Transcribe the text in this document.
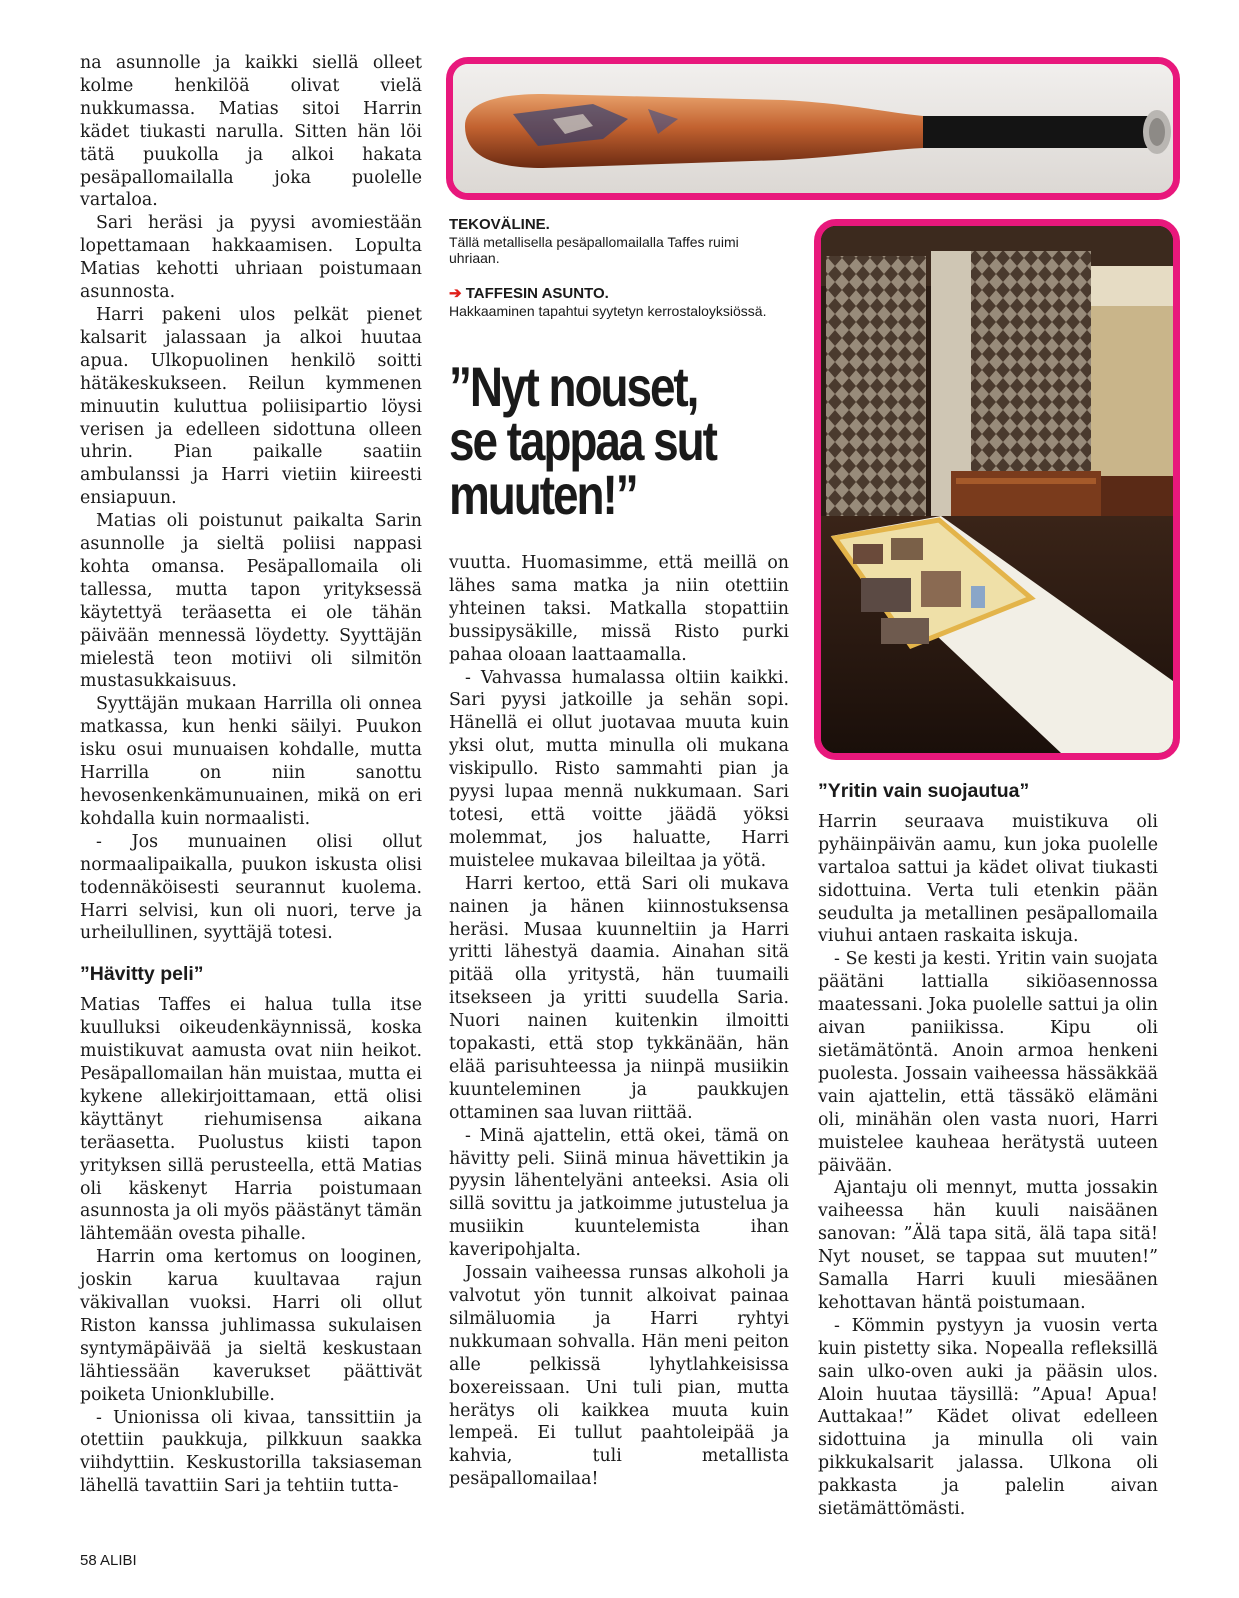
na asunnolle ja kaikki siellä olleet kolme henkilöä olivat vielä nukkumassa. Matias sitoi Harrin kädet tiukasti narulla. Sitten hän löi tätä puukolla ja alkoi hakata pesäpallomailalla joka puolelle vartaloa.

Sari heräsi ja pyysi avomiestään lopettamaan hakkaamisen. Lopulta Matias kehotti uhriaan poistumaan asunnosta.

Harri pakeni ulos pelkät pienet kalsarit jalassaan ja alkoi huutaa apua. Ulkopuolinen henkilö soitti hätäkeskukseen. Reilun kymmenen minuutin kuluttua poliisipartio löysi verisen ja edelleen sidottuna olleen uhrin. Pian paikalle saatiin ambulanssi ja Harri vietiin kiireesti ensiapuun.

Matias oli poistunut paikalta Sarin asunnolle ja sieltä poliisi nappasi kohta omansa. Pesäpallomaila oli tallessa, mutta tapon yrityksessä käytettyä teräasetta ei ole tähän päivään mennessä löydetty. Syyttäjän mielestä teon motiivi oli silmitön mustasukkaisuus.

Syyttäjän mukaan Harrilla oli onnea matkassa, kun henki säilyi. Puukon isku osui munuaisen kohdalle, mutta Harrilla on niin sanottu hevosenkenkämunuainen, mikä on eri kohdalla kuin normaalisti.

- Jos munuainen olisi ollut normaalipaikalla, puukon iskusta olisi todennäköisesti seurannut kuolema. Harri selvisi, kun oli nuori, terve ja urheilullinen, syyttäjä totesi.

”Hävitty peli”

Matias Taffes ei halua tulla itse kuulluksi oikeudenkäynnissä, koska muistikuvat aamusta ovat niin heikot. Pesäpallomailan hän muistaa, mutta ei kykene allekirjoittamaan, että olisi käyttänyt riehumisensa aikana teräasetta. Puolustus kiisti tapon yrityksen sillä perusteella, että Matias oli käskenyt Harria poistumaan asunnosta ja oli myös päästänyt tämän lähtemään ovesta pihalle.

Harrin oma kertomus on looginen, joskin karua kuultavaa rajun väkivallan vuoksi. Harri oli ollut Riston kanssa juhlimassa sukulaisen syntymäpäivää ja sieltä keskustaan lähtiessään kaverukset päättivät poiketa Unionklubille.

- Unionissa oli kivaa, tanssittiin ja otettiin paukkuja, pilkkuun saakka viihdyttiin. Keskustorilla taksiaseman lähellä tavattiin Sari ja tehtiin tutta-

TEKOVÄLINE.
Tällä metallisella pesäpallomailalla Taffes ruimi uhriaan.
➔ TAFFESIN ASUNTO.
Hakkaaminen tapahtui syytetyn kerrostaloyksiössä.
”Nyt nouset, se tappaa sut muuten!”

vuutta. Huomasimme, että meillä on lähes sama matka ja niin otettiin yhteinen taksi. Matkalla stopattiin bussipysäkille, missä Risto purki pahaa oloaan laattaamalla.

- Vahvassa humalassa oltiin kaikki. Sari pyysi jatkoille ja sehän sopi. Hänellä ei ollut juotavaa muuta kuin yksi olut, mutta minulla oli mukana viskipullo. Risto sammahti pian ja pyysi lupaa mennä nukkumaan. Sari totesi, että voitte jäädä yöksi molemmat, jos haluatte, Harri muistelee mukavaa bileiltaa ja yötä.

Harri kertoo, että Sari oli mukava nainen ja hänen kiinnostuksensa heräsi. Musaa kuunneltiin ja Harri yritti lähestyä daamia. Ainahan sitä pitää olla yritystä, hän tuumaili itsekseen ja yritti suudella Saria. Nuori nainen kuitenkin ilmoitti topakasti, että stop tykkänään, hän elää parisuhteessa ja niinpä musiikin kuunteleminen ja paukkujen ottaminen saa luvan riittää.

- Minä ajattelin, että okei, tämä on hävitty peli. Siinä minua hävettikin ja pyysin lähentelyäni anteeksi. Asia oli sillä sovittu ja jatkoimme jutustelua ja musiikin kuuntelemista ihan kaveripohjalta.

Jossain vaiheessa runsas alkoholi ja valvotut yön tunnit alkoivat painaa silmäluomia ja Harri ryhtyi nukkumaan sohvalla. Hän meni peiton alle pelkissä lyhytlahkeisissa boxereissaan. Uni tuli pian, mutta herätys oli kaikkea muuta kuin lempeä. Ei tullut paahtoleipää ja kahvia, tuli metallista pesäpallomailaa!

”Yritin vain suojautua”

Harrin seuraava muistikuva oli pyhäinpäivän aamu, kun joka puolelle vartaloa sattui ja kädet olivat tiukasti sidottuina. Verta tuli etenkin pään seudulta ja metallinen pesäpallomaila viuhui antaen raskaita iskuja.

- Se kesti ja kesti. Yritin vain suojata päätäni lattialla sikiöasennossa maatessani. Joka puolelle sattui ja olin aivan paniikissa. Kipu oli sietämätöntä. Anoin armoa henkeni puolesta. Jossain vaiheessa hässäkkää vain ajattelin, että tässäkö elämäni oli, minähän olen vasta nuori, Harri muistelee kauheaa herätystä uuteen päivään.

Ajantaju oli mennyt, mutta jossakin vaiheessa hän kuuli naisäänen sanovan: ”Älä tapa sitä, älä tapa sitä! Nyt nouset, se tappaa sut muuten!” Samalla Harri kuuli miesäänen kehottavan häntä poistumaan.

- Kömmin pystyyn ja vuosin verta kuin pistetty sika. Nopealla refleksillä sain ulko-oven auki ja pääsin ulos. Aloin huutaa täysillä: ”Apua! Apua! Auttakaa!” Kädet olivat edelleen sidottuina ja minulla oli vain pikkukalsarit jalassa. Ulkona oli pakkasta ja palelin aivan sietämättömästi.

58 ALIBI
